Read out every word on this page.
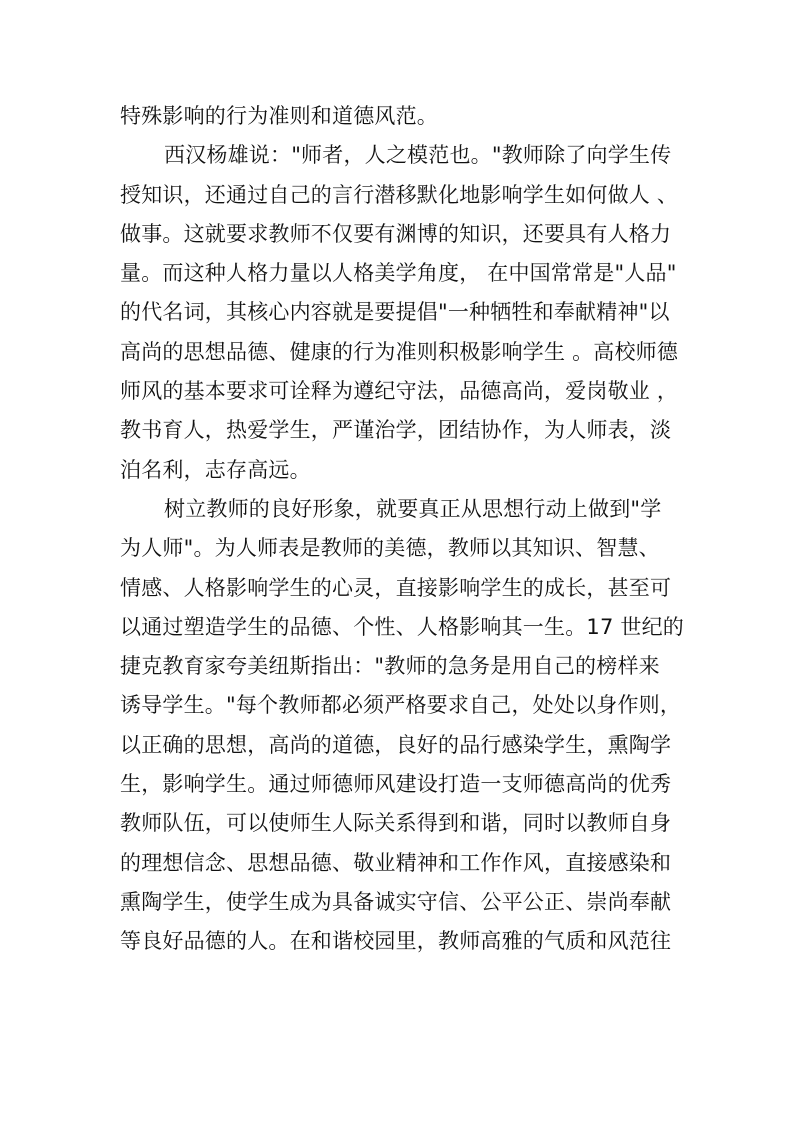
特殊影响的行为准则和道德风范。
西汉杨雄说："师者，人之模范也。"教师除了向学生传
授知识，还通过自己的言行潜移默化地影响学生如何做人 、
做事。这就要求教师不仅要有渊博的知识，还要具有人格力
量。而这种人格力量以人格美学角度， 在中国常常是"人品"
的代名词，其核心内容就是要提倡"一种牺牲和奉献精神"以
高尚的思想品德、健康的行为准则积极影响学生 。高校师德
师风的基本要求可诠释为遵纪守法，品德高尚，爱岗敬业 ，
教书育人，热爱学生，严谨治学，团结协作，为人师表，淡
泊名利，志存高远。
树立教师的良好形象，就要真正从思想行动上做到"学
为人师"。为人师表是教师的美德，教师以其知识、智慧、
情感、人格影响学生的心灵，直接影响学生的成长，甚至可
以通过塑造学生的品德、个性、人格影响其一生。17 世纪的
捷克教育家夸美纽斯指出："教师的急务是用自己的榜样来
诱导学生。"每个教师都必须严格要求自己，处处以身作则，
以正确的思想，高尚的道德，良好的品行感染学生，熏陶学
生，影响学生。通过师德师风建设打造一支师德高尚的优秀
教师队伍，可以使师生人际关系得到和谐，同时以教师自身
的理想信念、思想品德、敬业精神和工作作风，直接感染和
熏陶学生，使学生成为具备诚实守信、公平公正、崇尚奉献
等良好品德的人。在和谐校园里，教师高雅的气质和风范往
